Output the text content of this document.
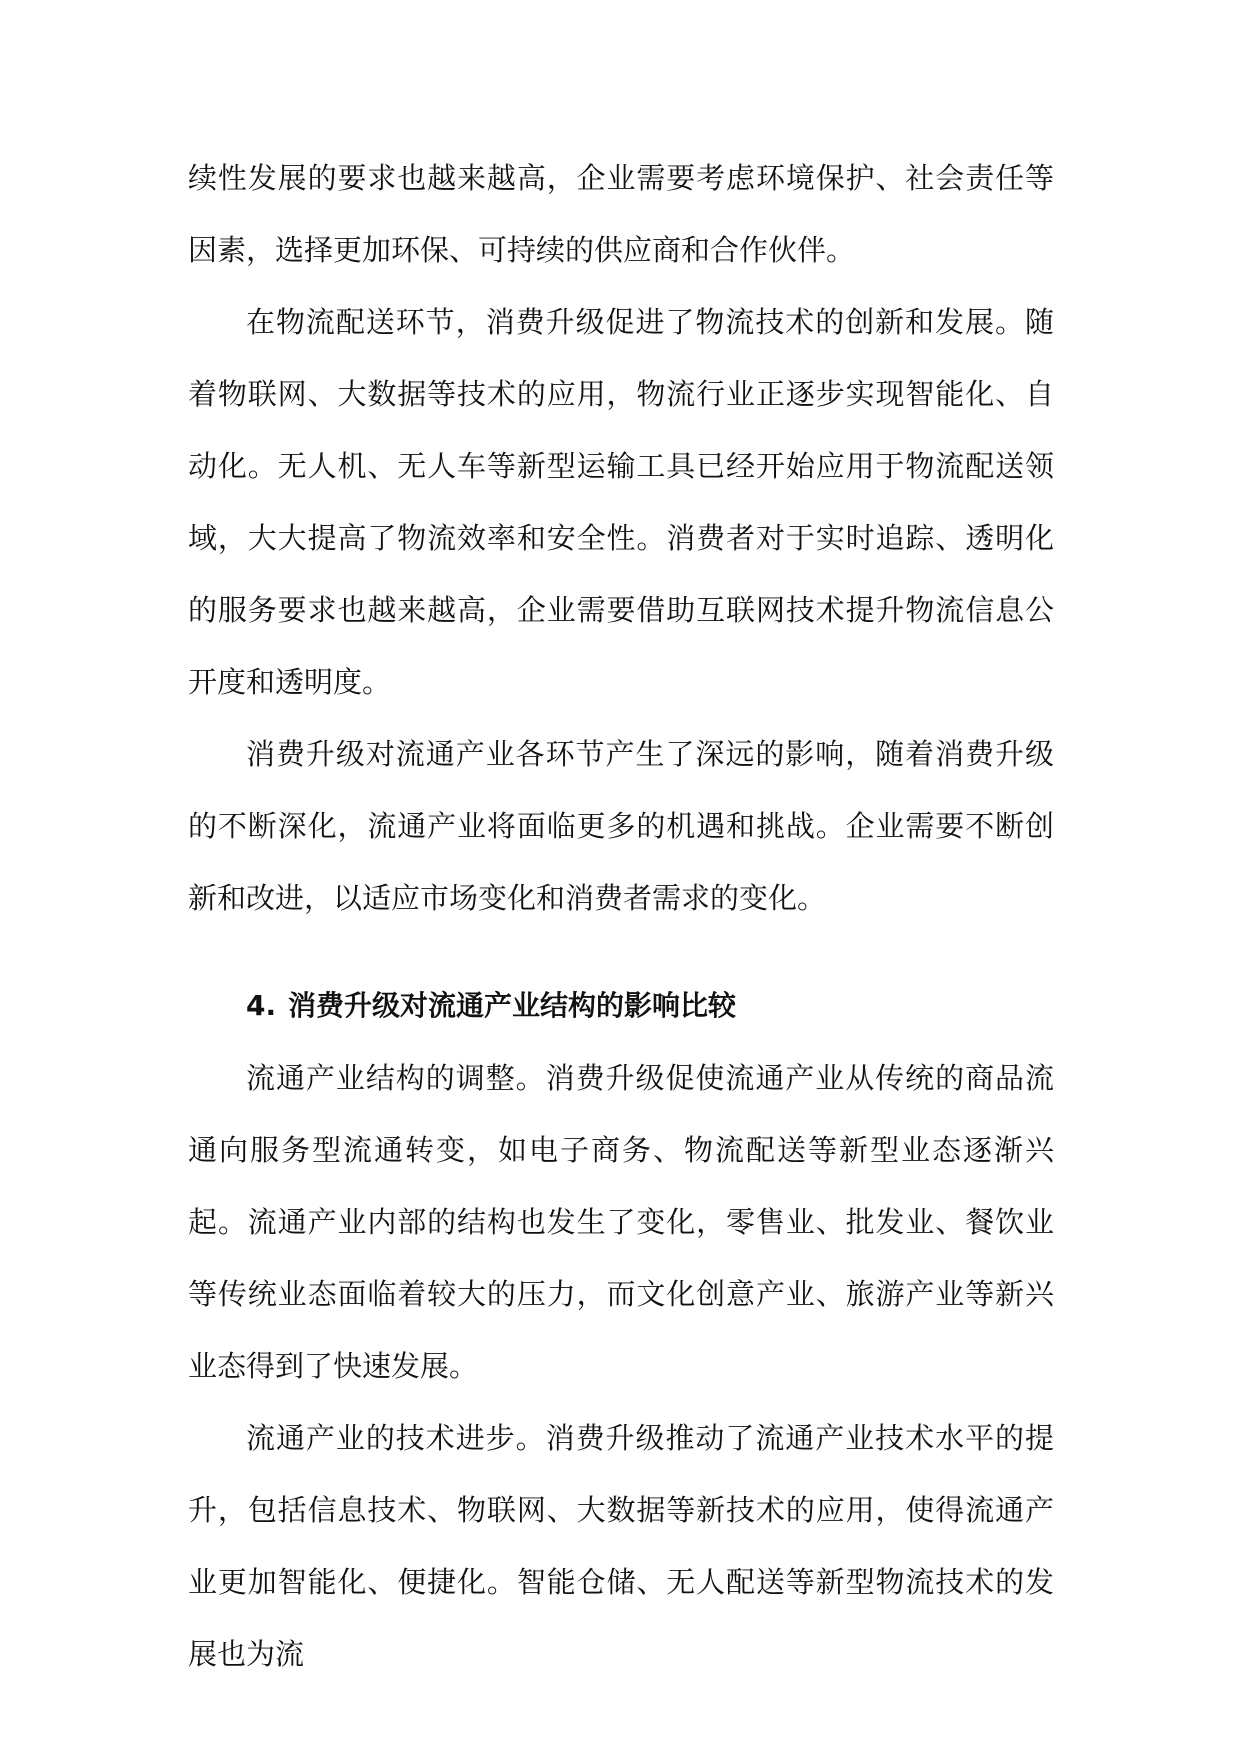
续性发展的要求也越来越高，企业需要考虑环境保护、社会责任等因素，选择更加环保、可持续的供应商和合作伙伴。

在物流配送环节，消费升级促进了物流技术的创新和发展。随着物联网、大数据等技术的应用，物流行业正逐步实现智能化、自动化。无人机、无人车等新型运输工具已经开始应用于物流配送领域，大大提高了物流效率和安全性。消费者对于实时追踪、透明化的服务要求也越来越高，企业需要借助互联网技术提升物流信息公开度和透明度。

消费升级对流通产业各环节产生了深远的影响，随着消费升级的不断深化，流通产业将面临更多的机遇和挑战。企业需要不断创新和改进，以适应市场变化和消费者需求的变化。

4. 消费升级对流通产业结构的影响比较

流通产业结构的调整。消费升级促使流通产业从传统的商品流通向服务型流通转变，如电子商务、物流配送等新型业态逐渐兴起。流通产业内部的结构也发生了变化，零售业、批发业、餐饮业等传统业态面临着较大的压力，而文化创意产业、旅游产业等新兴业态得到了快速发展。

流通产业的技术进步。消费升级推动了流通产业技术水平的提升，包括信息技术、物联网、大数据等新技术的应用，使得流通产业更加智能化、便捷化。智能仓储、无人配送等新型物流技术的发展也为流
